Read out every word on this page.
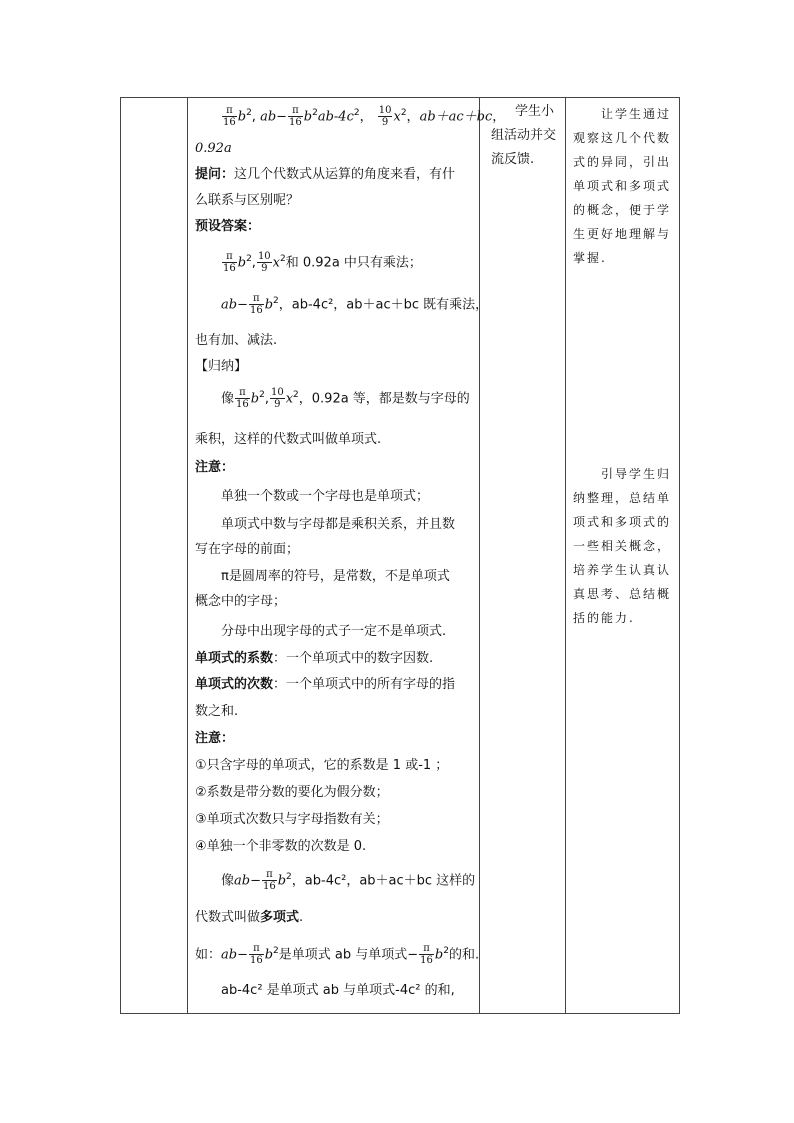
$\frac{\pi}{16} b^2$, $ab- \frac{\pi}{16} b^2ab-4c^2$， $\frac{10}{9} x^2$，ab＋ac＋bc，
0.92a
提问：这几个代数式从运算的角度来看，有什
么联系与区别呢？
预设答案：
$\frac{\pi}{16} b^2$, $\frac{10}{9} x^2$和 0.92a 中只有乘法；
$ab- \frac{\pi}{16} b^2$，ab-4c²，ab＋ac＋bc 既有乘法，
也有加、减法.
【归纳】
像 $\frac{\pi}{16} b^2$, $\frac{10}{9} x^2$，0.92a 等，都是数与字母的
乘积，这样的代数式叫做单项式.
注意：
单独一个数或一个字母也是单项式；
单项式中数与字母都是乘积关系，并且数
写在字母的前面；
π是圆周率的符号，是常数，不是单项式
概念中的字母；
分母中出现字母的式子一定不是单项式.
单项式的系数：一个单项式中的数字因数.
单项式的次数：一个单项式中的所有字母的指
数之和.
注意：
①只含字母的单项式，它的系数是 1 或-1 ；
②系数是带分数的要化为假分数；
③单项式次数只与字母指数有关；
④单独一个非零数的次数是 0.
像$ab- \frac{\pi}{16} b^2$，ab-4c²，ab＋ac＋bc 这样的
代数式叫做多项式.
如：$ab- \frac{\pi}{16} b^2$是单项式 ab 与单项式− $\frac{\pi}{16} b^2$的和.
ab-4c² 是单项式 ab 与单项式-4c² 的和,
学生小
组活动并交
流反馈.
让学生通过
观察这几个代数
式的异同，引出
单项式和多项式
的概念，便于学
生更好地理解与
掌握.
引导学生归
纳整理，总结单
项式和多项式的
一些相关概念，
培养学生认真认
真思考、总结概
括的能力.
